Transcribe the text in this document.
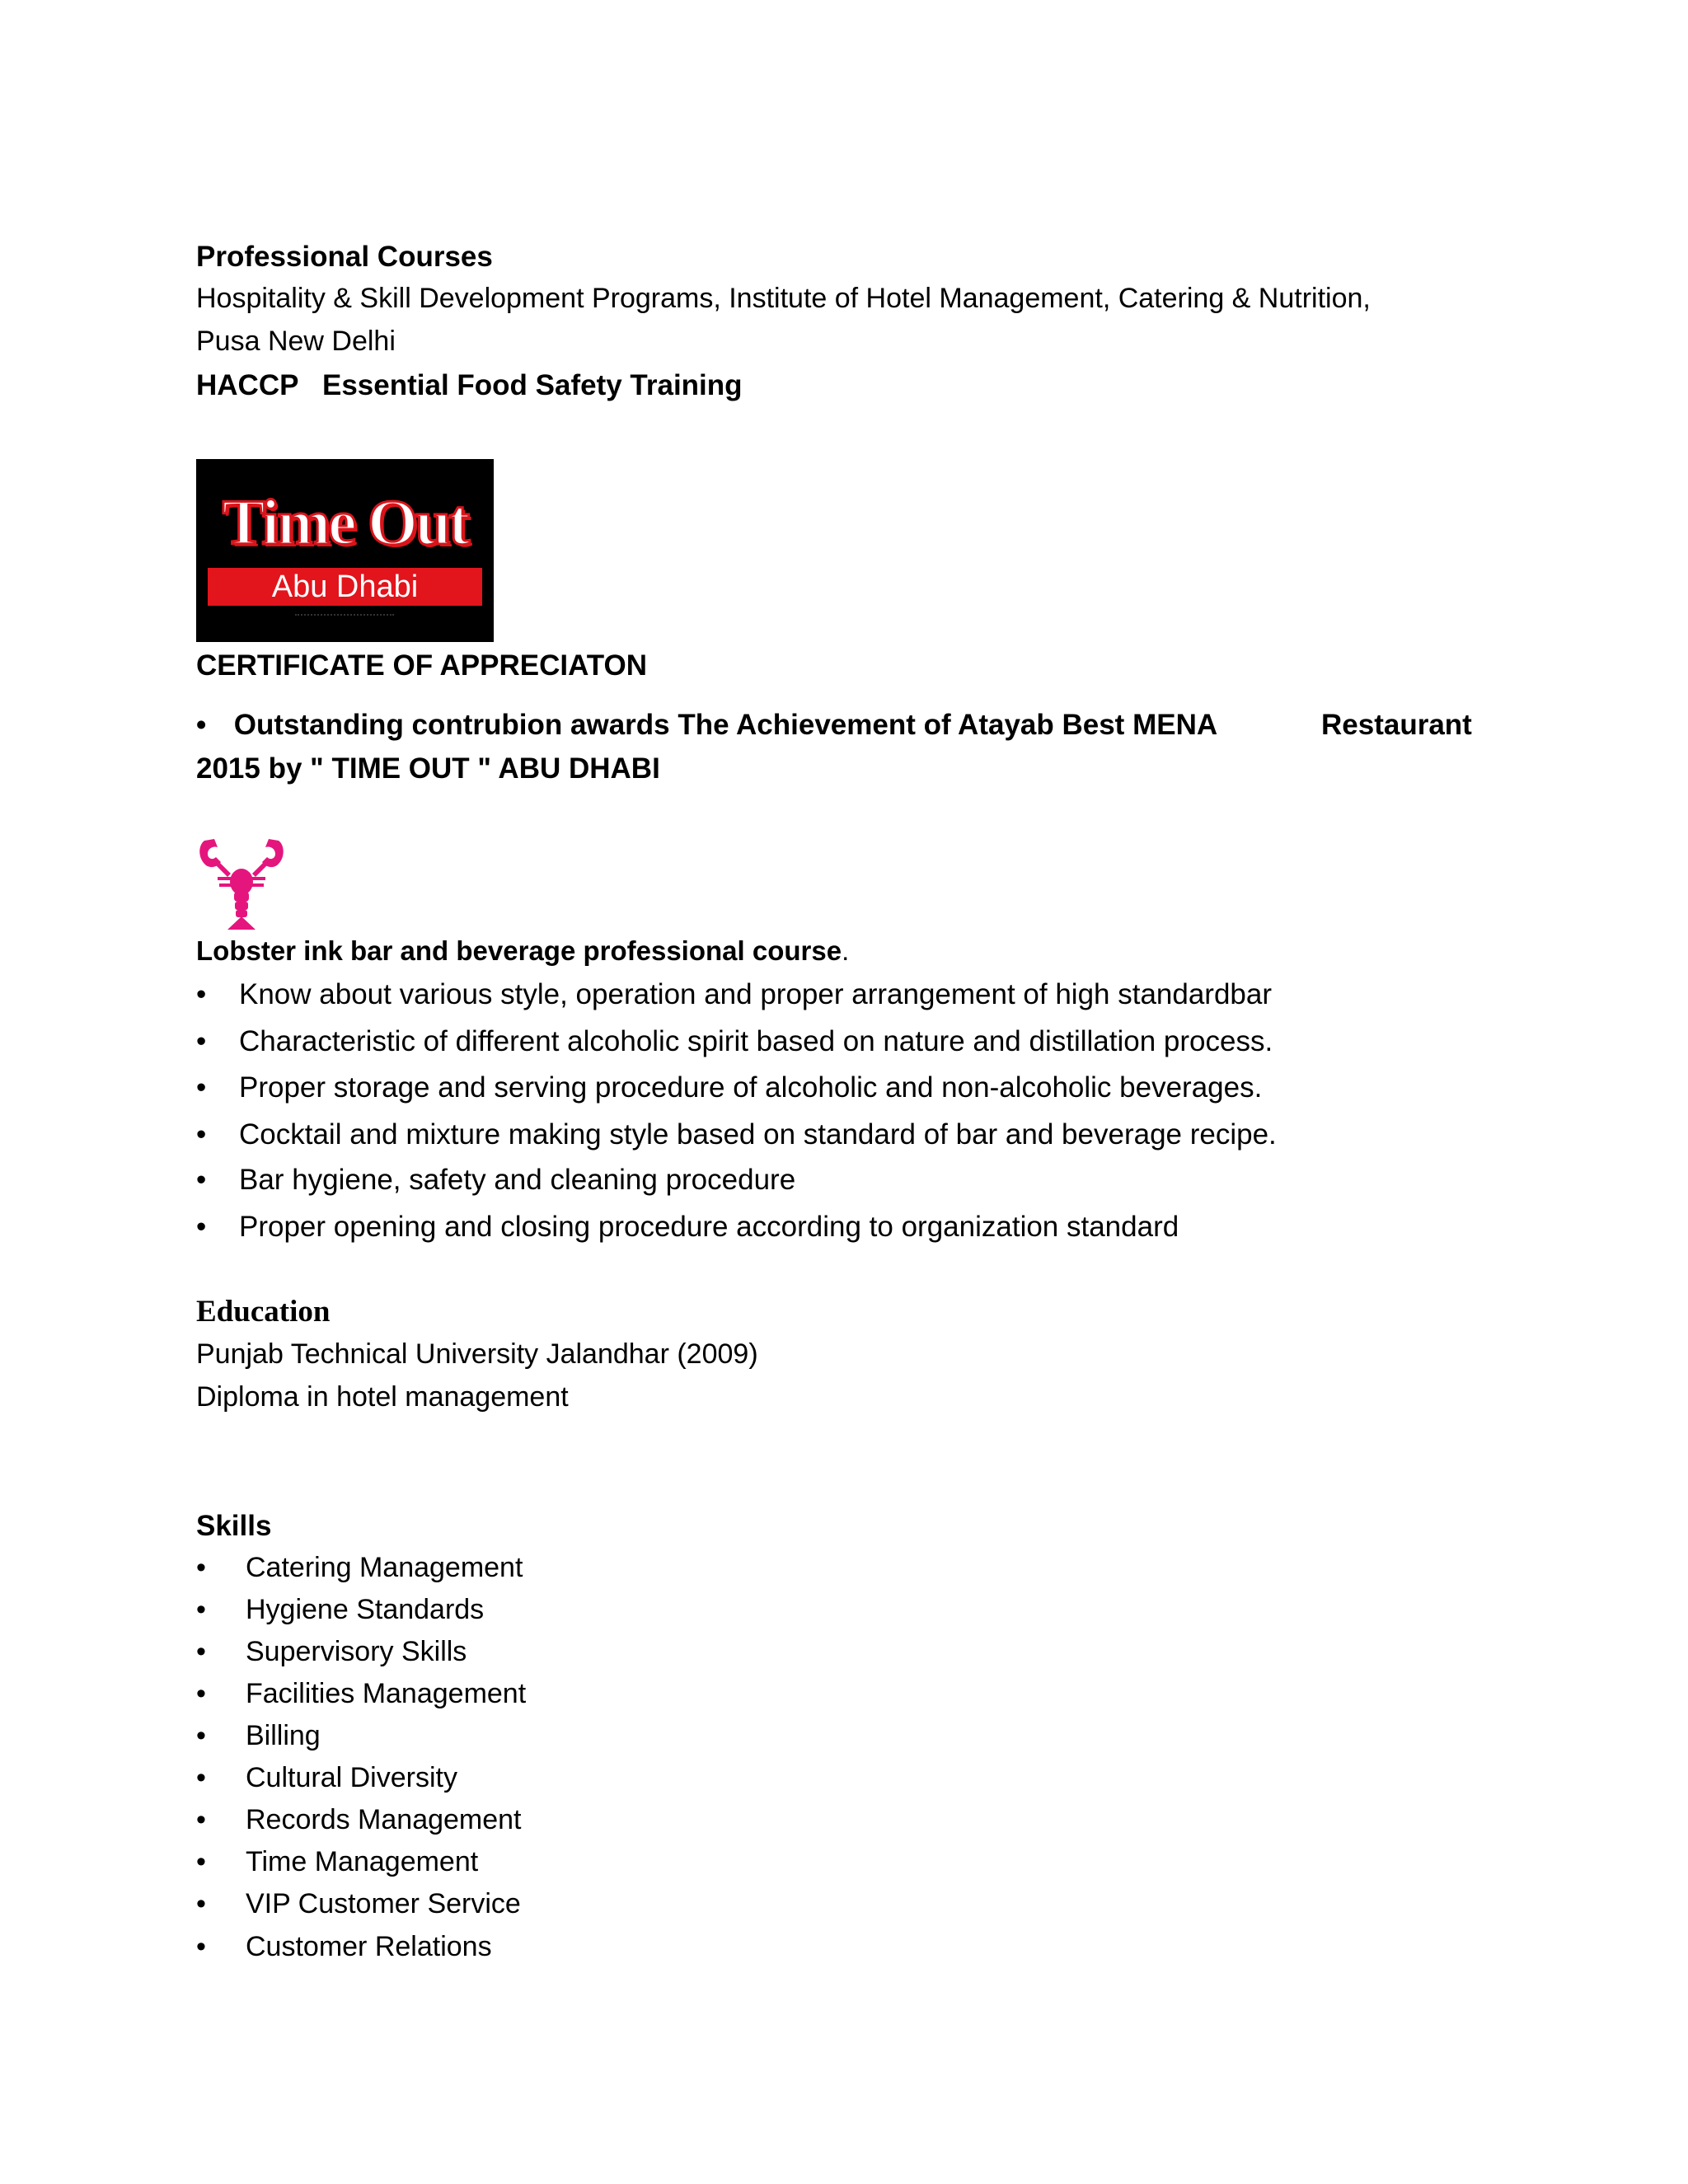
Professional Courses
Hospitality & Skill Development Programs, Institute of Hotel Management, Catering & Nutrition,
Pusa New Delhi
HACCP   Essential Food Safety Training
Time Out
Abu Dhabi
CERTIFICATE OF APPRECIATON
• Outstanding contrubion awards The Achievement of Atayab Best MENA	Restaurant
2015 by " TIME OUT " ABU DHABI
Lobster ink bar and beverage professional course.
• Know about various style, operation and proper arrangement of high standardbar
• Characteristic of different alcoholic spirit based on nature and distillation process.
• Proper storage and serving procedure of alcoholic and non-alcoholic beverages.
• Cocktail and mixture making style based on standard of bar and beverage recipe.
• Bar hygiene, safety and cleaning procedure
• Proper opening and closing procedure according to organization standard
Education
Punjab Technical University Jalandhar (2009)
Diploma in hotel management
Skills
• Catering Management
• Hygiene Standards
• Supervisory Skills
• Facilities Management
• Billing
• Cultural Diversity
• Records Management
• Time Management
• VIP Customer Service
• Customer Relations
